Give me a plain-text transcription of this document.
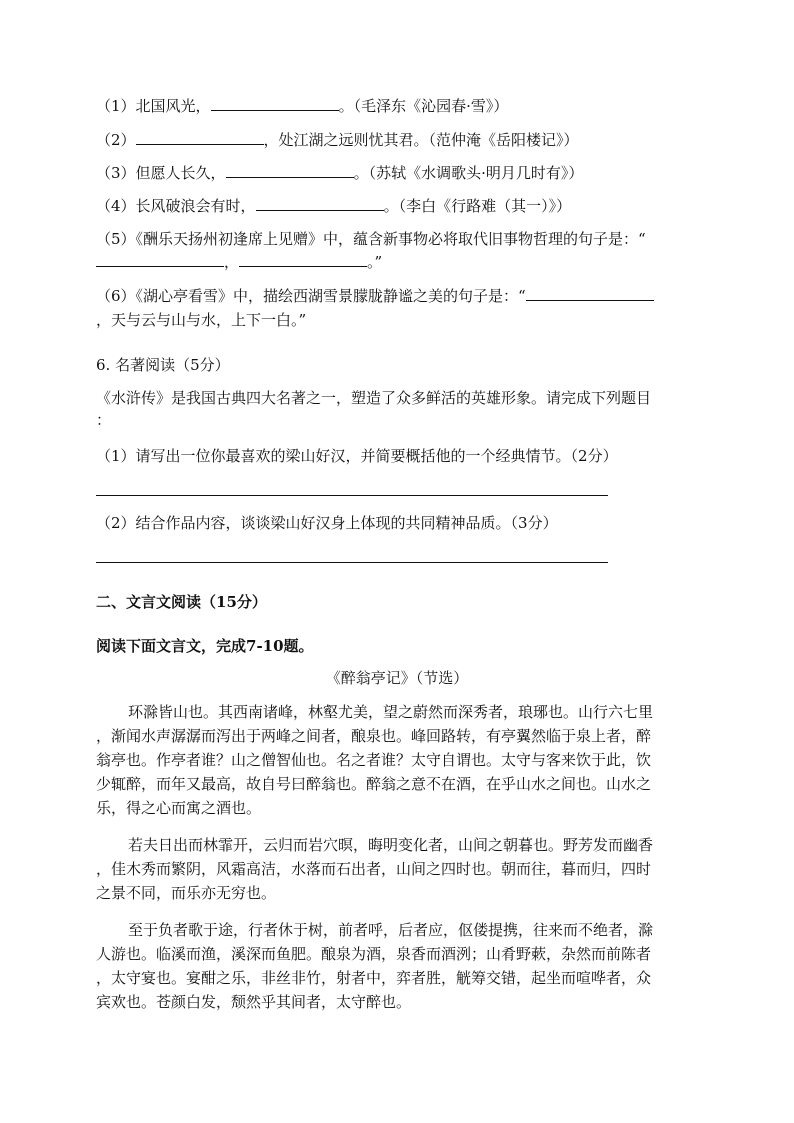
（1）北国风光，	。（毛泽东《沁园春·雪》）
（2）	，处江湖之远则忧其君。（范仲淹《岳阳楼记》）
（3）但愿人长久，	。（苏轼《水调歌头·明月几时有》）
（4）长风破浪会有时，	。（李白《行路难（其一）》）
（5）《酬乐天扬州初逢席上见赠》中，蕴含新事物必将取代旧事物哲理的句子是：“
，	。”
（6）《湖心亭看雪》中，描绘西湖雪景朦胧静谧之美的句子是：“
，天与云与山与水，上下一白。”
6. 名著阅读（5分）
《水浒传》是我国古典四大名著之一，塑造了众多鲜活的英雄形象。请完成下列题目
：
（1）请写出一位你最喜欢的梁山好汉，并简要概括他的一个经典情节。（2分）
（2）结合作品内容，谈谈梁山好汉身上体现的共同精神品质。（3分）
二、文言文阅读（15分）
阅读下面文言文，完成7-10题。
《醉翁亭记》（节选）
环滁皆山也。其西南诸峰，林壑尤美，望之蔚然而深秀者，琅琊也。山行六七里
，渐闻水声潺潺而泻出于两峰之间者，酿泉也。峰回路转，有亭翼然临于泉上者，醉
翁亭也。作亭者谁？山之僧智仙也。名之者谁？太守自谓也。太守与客来饮于此，饮
少辄醉，而年又最高，故自号曰醉翁也。醉翁之意不在酒，在乎山水之间也。山水之
乐，得之心而寓之酒也。
若夫日出而林霏开，云归而岩穴暝，晦明变化者，山间之朝暮也。野芳发而幽香
，佳木秀而繁阴，风霜高洁，水落而石出者，山间之四时也。朝而往，暮而归，四时
之景不同，而乐亦无穷也。
至于负者歌于途，行者休于树，前者呼，后者应，伛偻提携，往来而不绝者，滁
人游也。临溪而渔，溪深而鱼肥。酿泉为酒，泉香而酒洌；山肴野蔌，杂然而前陈者
，太守宴也。宴酣之乐，非丝非竹，射者中，弈者胜，觥筹交错，起坐而喧哗者，众
宾欢也。苍颜白发，颓然乎其间者，太守醉也。
